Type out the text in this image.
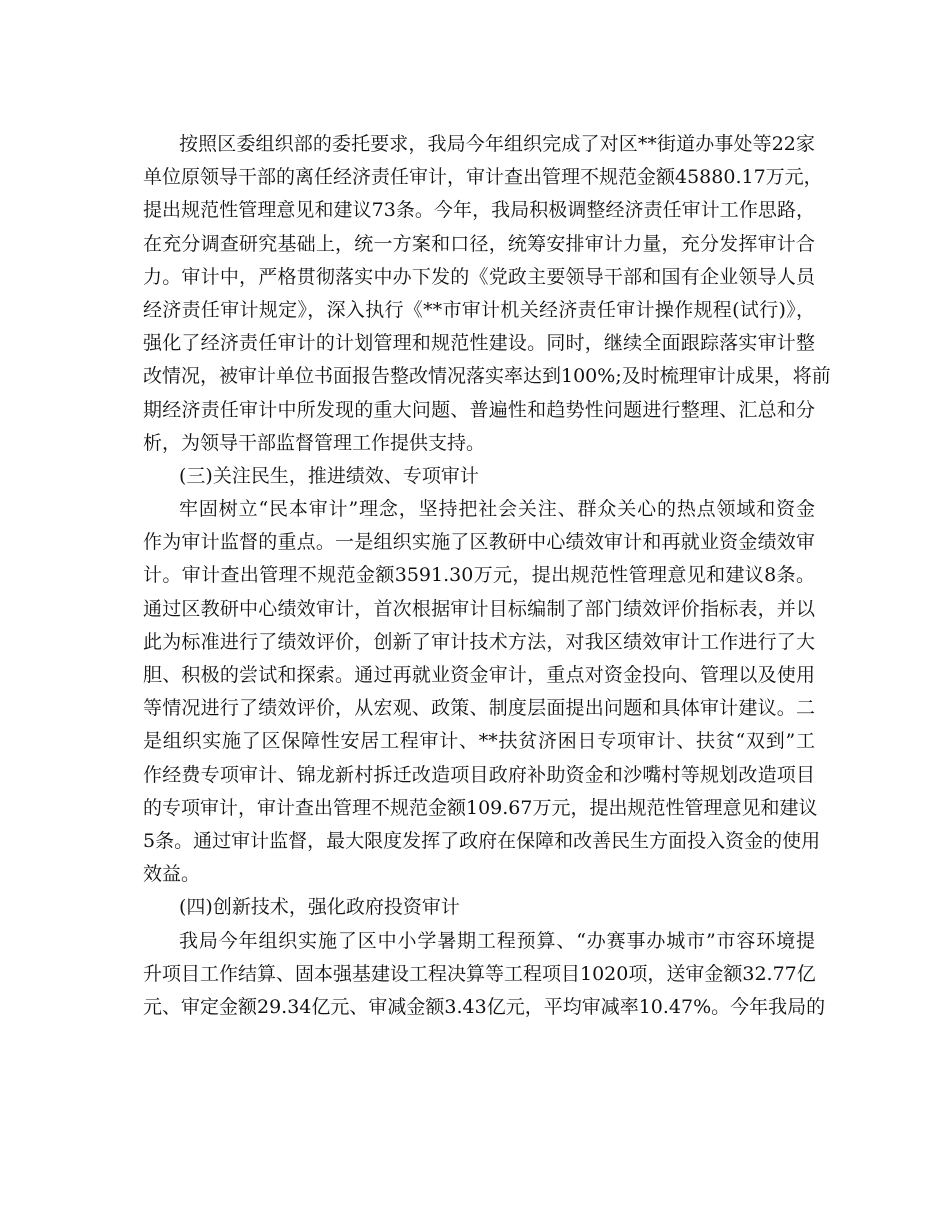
按照区委组织部的委托要求，我局今年组织完成了对区**街道办事处等22家
单位原领导干部的离任经济责任审计，审计查出管理不规范金额45880.17万元，
提出规范性管理意见和建议73条。今年，我局积极调整经济责任审计工作思路，
在充分调查研究基础上，统一方案和口径，统筹安排审计力量，充分发挥审计合
力。审计中，严格贯彻落实中办下发的《党政主要领导干部和国有企业领导人员
经济责任审计规定》，深入执行《**市审计机关经济责任审计操作规程(试行)》，
强化了经济责任审计的计划管理和规范性建设。同时，继续全面跟踪落实审计整
改情况，被审计单位书面报告整改情况落实率达到100%;及时梳理审计成果，将前
期经济责任审计中所发现的重大问题、普遍性和趋势性问题进行整理、汇总和分
析，为领导干部监督管理工作提供支持。
(三)关注民生，推进绩效、专项审计
牢固树立“民本审计”理念，坚持把社会关注、群众关心的热点领域和资金
作为审计监督的重点。一是组织实施了区教研中心绩效审计和再就业资金绩效审
计。审计查出管理不规范金额3591.30万元，提出规范性管理意见和建议8条。
通过区教研中心绩效审计，首次根据审计目标编制了部门绩效评价指标表，并以
此为标准进行了绩效评价，创新了审计技术方法，对我区绩效审计工作进行了大
胆、积极的尝试和探索。通过再就业资金审计，重点对资金投向、管理以及使用
等情况进行了绩效评价，从宏观、政策、制度层面提出问题和具体审计建议。二
是组织实施了区保障性安居工程审计、**扶贫济困日专项审计、扶贫“双到”工
作经费专项审计、锦龙新村拆迁改造项目政府补助资金和沙嘴村等规划改造项目
的专项审计，审计查出管理不规范金额109.67万元，提出规范性管理意见和建议
5条。通过审计监督，最大限度发挥了政府在保障和改善民生方面投入资金的使用
效益。
(四)创新技术，强化政府投资审计
我局今年组织实施了区中小学暑期工程预算、“办赛事办城市”市容环境提
升项目工作结算、固本强基建设工程决算等工程项目1020项，送审金额32.77亿
元、审定金额29.34亿元、审减金额3.43亿元，平均审减率10.47%。今年我局的
